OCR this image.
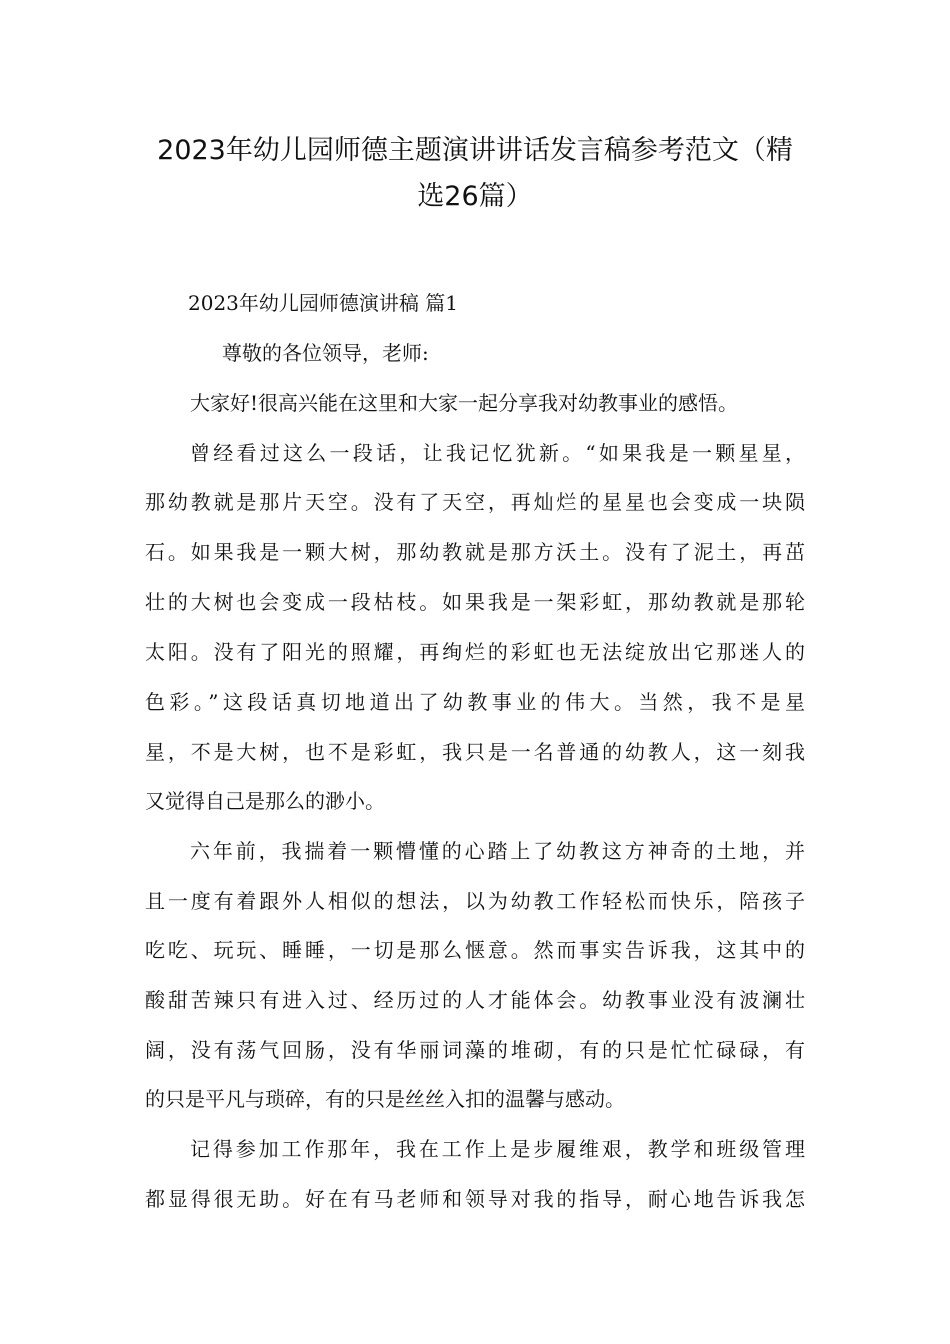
2023年幼儿园师德主题演讲讲话发言稿参考范文（精
选26篇）

2023年幼儿园师德演讲稿 篇1

尊敬的各位领导，老师:

大家好!很高兴能在这里和大家一起分享我对幼教事业的感悟。

曾经看过这么一段话，让我记忆犹新。“如果我是一颗星星，

那幼教就是那片天空。没有了天空，再灿烂的星星也会变成一块陨

石。如果我是一颗大树，那幼教就是那方沃土。没有了泥土，再茁

壮的大树也会变成一段枯枝。如果我是一架彩虹，那幼教就是那轮

太阳。没有了阳光的照耀，再绚烂的彩虹也无法绽放出它那迷人的

色彩。”这段话真切地道出了幼教事业的伟大。当然，我不是星

星，不是大树，也不是彩虹，我只是一名普通的幼教人，这一刻我

又觉得自己是那么的渺小。

六年前，我揣着一颗懵懂的心踏上了幼教这方神奇的土地，并

且一度有着跟外人相似的想法，以为幼教工作轻松而快乐，陪孩子

吃吃、玩玩、睡睡，一切是那么惬意。然而事实告诉我，这其中的

酸甜苦辣只有进入过、经历过的人才能体会。幼教事业没有波澜壮

阔，没有荡气回肠，没有华丽词藻的堆砌，有的只是忙忙碌碌，有

的只是平凡与琐碎，有的只是丝丝入扣的温馨与感动。

记得参加工作那年，我在工作上是步履维艰，教学和班级管理

都显得很无助。好在有马老师和领导对我的指导，耐心地告诉我怎
